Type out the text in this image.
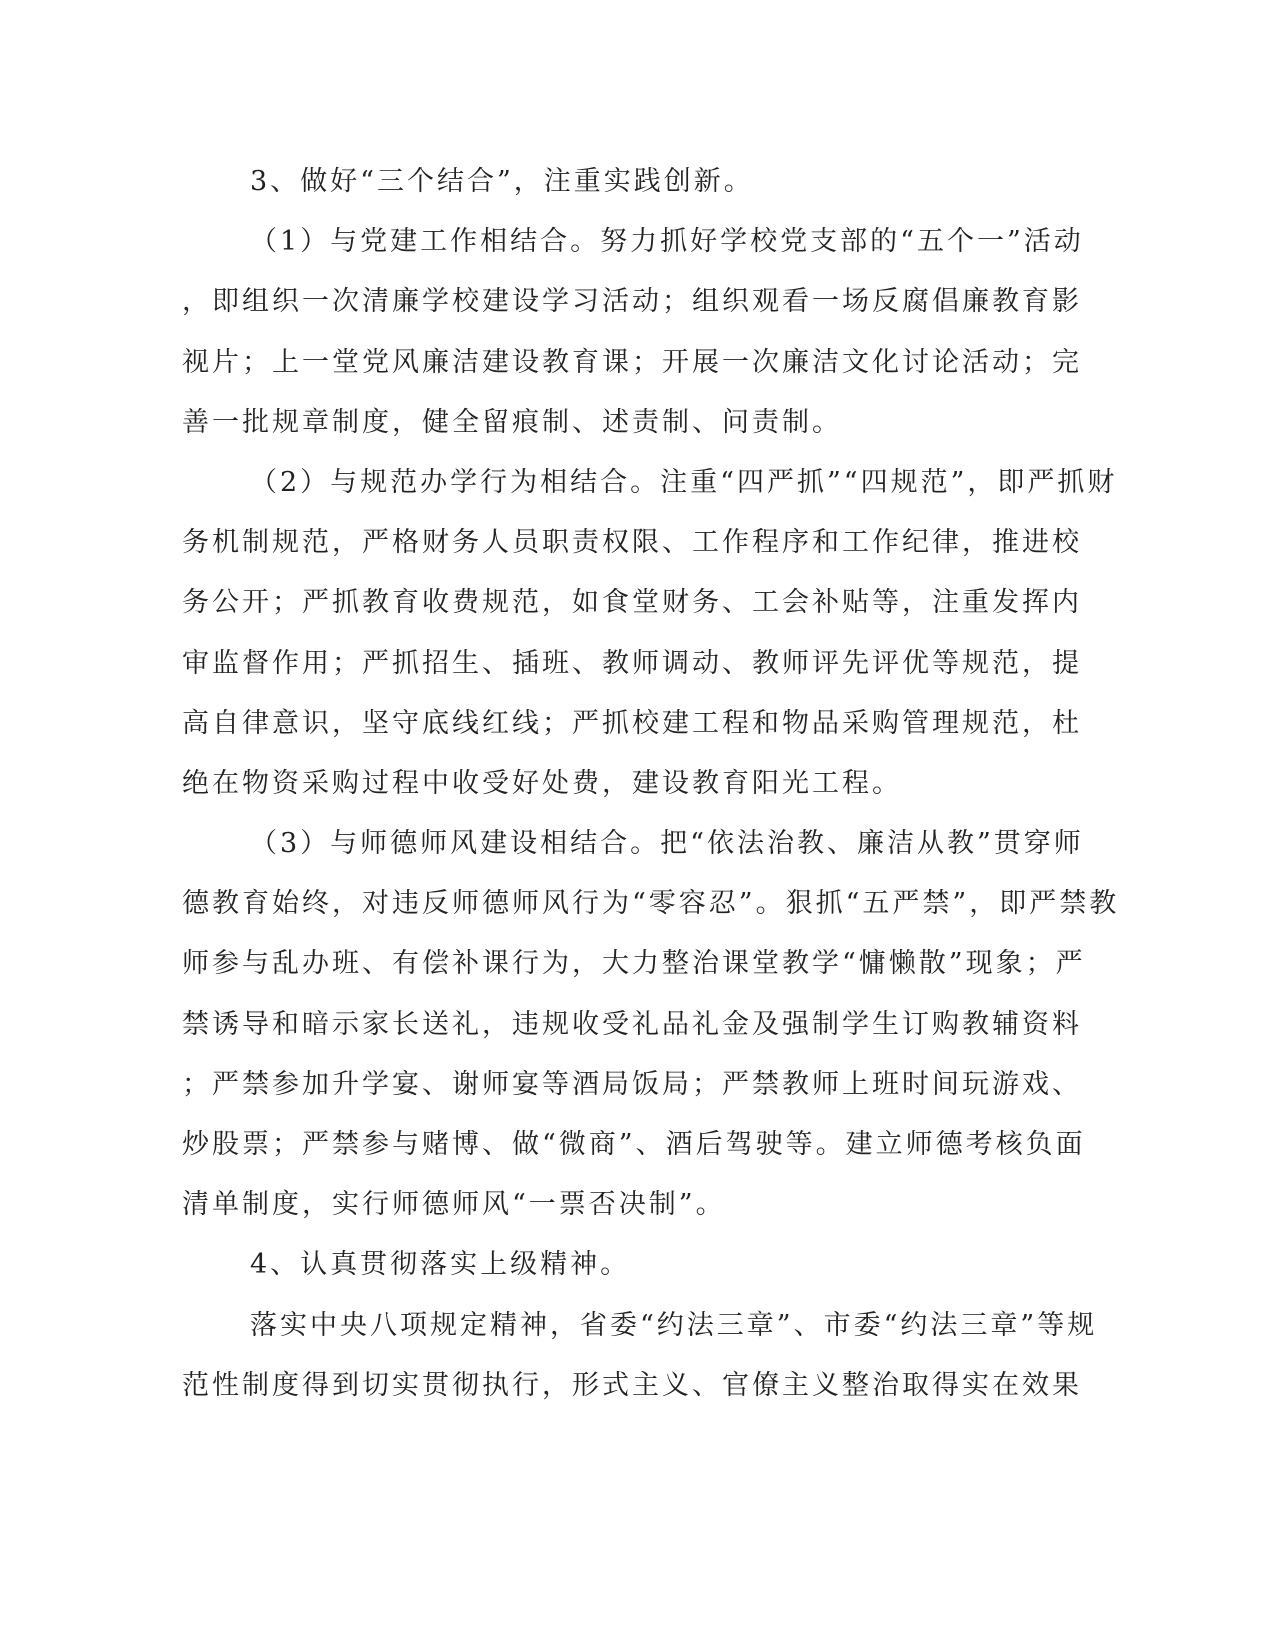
3、做好“三个结合”，注重实践创新。
（1）与党建工作相结合。努力抓好学校党支部的“五个一”活动
，即组织一次清廉学校建设学习活动；组织观看一场反腐倡廉教育影
视片；上一堂党风廉洁建设教育课；开展一次廉洁文化讨论活动；完
善一批规章制度，健全留痕制、述责制、问责制。
（2）与规范办学行为相结合。注重“四严抓”“四规范”，即严抓财
务机制规范，严格财务人员职责权限、工作程序和工作纪律，推进校
务公开；严抓教育收费规范，如食堂财务、工会补贴等，注重发挥内
审监督作用；严抓招生、插班、教师调动、教师评先评优等规范，提
高自律意识，坚守底线红线；严抓校建工程和物品采购管理规范，杜
绝在物资采购过程中收受好处费，建设教育阳光工程。
（3）与师德师风建设相结合。把“依法治教、廉洁从教”贯穿师
德教育始终，对违反师德师风行为“零容忍”。狠抓“五严禁”，即严禁教
师参与乱办班、有偿补课行为，大力整治课堂教学“慵懒散”现象；严
禁诱导和暗示家长送礼，违规收受礼品礼金及强制学生订购教辅资料
；严禁参加升学宴、谢师宴等酒局饭局；严禁教师上班时间玩游戏、
炒股票；严禁参与赌博、做“微商”、酒后驾驶等。建立师德考核负面
清单制度，实行师德师风“一票否决制”。
4、认真贯彻落实上级精神。
落实中央八项规定精神，省委“约法三章”、市委“约法三章”等规
范性制度得到切实贯彻执行，形式主义、官僚主义整治取得实在效果
